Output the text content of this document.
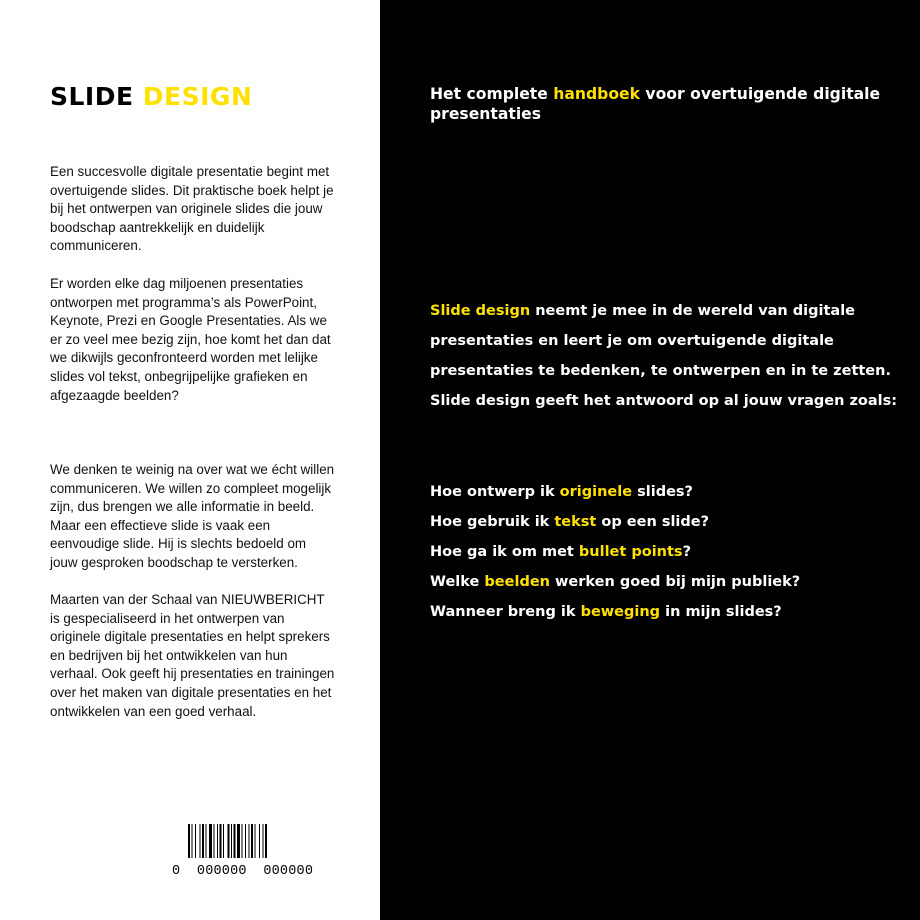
SLIDE DESIGN

Een succesvolle digitale presentatie begint met overtuigende slides. Dit praktische boek helpt je bij het ontwerpen van originele slides die jouw boodschap aantrekkelijk en duidelijk communiceren.

Er worden elke dag miljoenen presentaties ontworpen met programma’s als PowerPoint, Keynote, Prezi en Google Presentaties. Als we er zo veel mee bezig zijn, hoe komt het dan dat we dikwijls geconfronteerd worden met lelijke slides vol tekst, onbegrijpelijke grafieken en afgezaagde beelden?

We denken te weinig na over wat we écht willen communiceren. We willen zo compleet mogelijk zijn, dus brengen we alle informatie in beeld. Maar een effectieve slide is vaak een eenvoudige slide. Hij is slechts bedoeld om jouw gesproken boodschap te versterken.

Maarten van der Schaal van NIEUWBERICHT is gespecialiseerd in het ontwerpen van originele digitale presentaties en helpt sprekers en bedrijven bij het ontwikkelen van hun verhaal. Ook geeft hij presentaties en trainingen over het maken van digitale presentaties en het ontwikkelen van een goed verhaal.

0  000000  000000
Het complete handboek voor overtuigende digitale presentaties

Slide design neemt je mee in de wereld van digitale presentaties en leert je om overtuigende digitale presentaties te bedenken, te ontwerpen en in te zetten. Slide design geeft het antwoord op al jouw vragen zoals:

Hoe ontwerp ik originele slides?
Hoe gebruik ik tekst op een slide?
Hoe ga ik om met bullet points?
Welke beelden werken goed bij mijn publiek?
Wanneer breng ik beweging in mijn slides?
